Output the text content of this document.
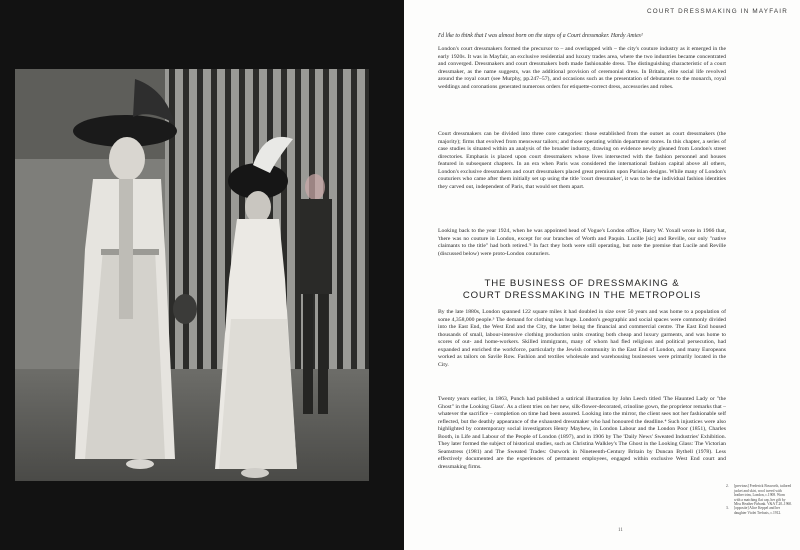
COURT DRESSMAKING IN MAYFAIR
I'd like to think that I was almost born on the steps of a Court dressmaker. Hardy Amies¹
London's court dressmakers formed the precursor to – and overlapped with – the city's couture industry as it emerged in the early 1920s. It was in Mayfair, an exclusive residential and luxury trades area, where the two industries became concentrated and converged. Dressmakers and court dressmakers both made fashionable dress. The distinguishing characteristic of a court dressmaker, as the name suggests, was the additional provision of ceremonial dress. In Britain, elite social life revolved around the royal court (see Murphy, pp.247–57), and occasions such as the presentation of debutantes to the monarch, royal weddings and coronations generated numerous orders for etiquette-correct dress, accessories and robes.
Court dressmakers can be divided into three core categories: those established from the outset as court dressmakers (the majority); firms that evolved from menswear tailors; and those operating within department stores. In this chapter, a series of case studies is situated within an analysis of the broader industry, drawing on evidence newly gleaned from London's street directories. Emphasis is placed upon court dressmakers whose lives intersected with the fashion personnel and houses featured in subsequent chapters. In an era when Paris was considered the international fashion capital above all others, London's exclusive dressmakers and court dressmakers placed great premium upon Parisian designs. While many of London's couturiers who came after them initially set up using the title 'court dressmaker', it was to be the individual fashion identities they carved out, independent of Paris, that would set them apart.
Looking back to the year 1924, when he was appointed head of Vogue's London office, Harry W. Yoxall wrote in 1966 that, 'there was no couture in London, except for our branches of Worth and Paquin. Lucille [sic] and Reville, our only "native claimants to the title" had both retired.'² In fact they both were still operating, but note the premise that Lucile and Reville (discussed below) were proto-London couturiers.
THE BUSINESS OF DRESSMAKING &
COURT DRESSMAKING IN THE METROPOLIS
By the late 1880s, London spanned 122 square miles it had doubled in size over 50 years and was home to a population of some 4,358,000 people.³ The demand for clothing was huge. London's geographic and social spaces were commonly divided into the East End, the West End and the City, the latter being the financial and commercial centre. The East End housed thousands of small, labour-intensive clothing production units creating both cheap and luxury garments, and was home to scores of out- and home-workers. Skilled immigrants, many of whom had fled religious and political persecution, had expanded and enriched the workforce, particularly the Jewish community in the East End of London, and many Europeans worked as tailors on Savile Row. Fashion and textiles wholesale and warehousing businesses were primarily located in the City.
Twenty years earlier, in 1863, Punch had published a satirical illustration by John Leech titled 'The Haunted Lady or "the Ghost" in the Looking Glass'. As a client tries on her new, silk-flower-decorated, crinoline gown, the proprietor remarks that – whatever the sacrifice – completion on time had been assured. Looking into the mirror, the client sees not her fashionable self reflected, but the deathly appearance of the exhausted dressmaker who had honoured the deadline.⁴ Such injustices were also highlighted by contemporary social investigators Henry Mayhew, in London Labour and the London Poor (1851), Charles Booth, in Life and Labour of the People of London (1897), and in 1906 by The 'Daily News' Sweated Industries' Exhibition. They later formed the subject of historical studies, such as Christina Walkley's The Ghost in the Looking Glass: The Victorian Seamstress (1981) and The Sweated Trades: Outwork in Nineteenth-Century Britain by Duncan Bythell (1978). Less effectively documented are the experiences of permanent employees, engaged within exclusive West End court and dressmaking firms.
2. [previous] Frederick Bosworth, tailored jacket and skirt, wool tweed with leather trim, London, c.1908. Worn with a matching flat cap, her gift by Miss Heather Firbank. V&A T.20–1960.
3. [opposite] Alice Keppel and her daughter Violet Trefusis, c.1912.
11
